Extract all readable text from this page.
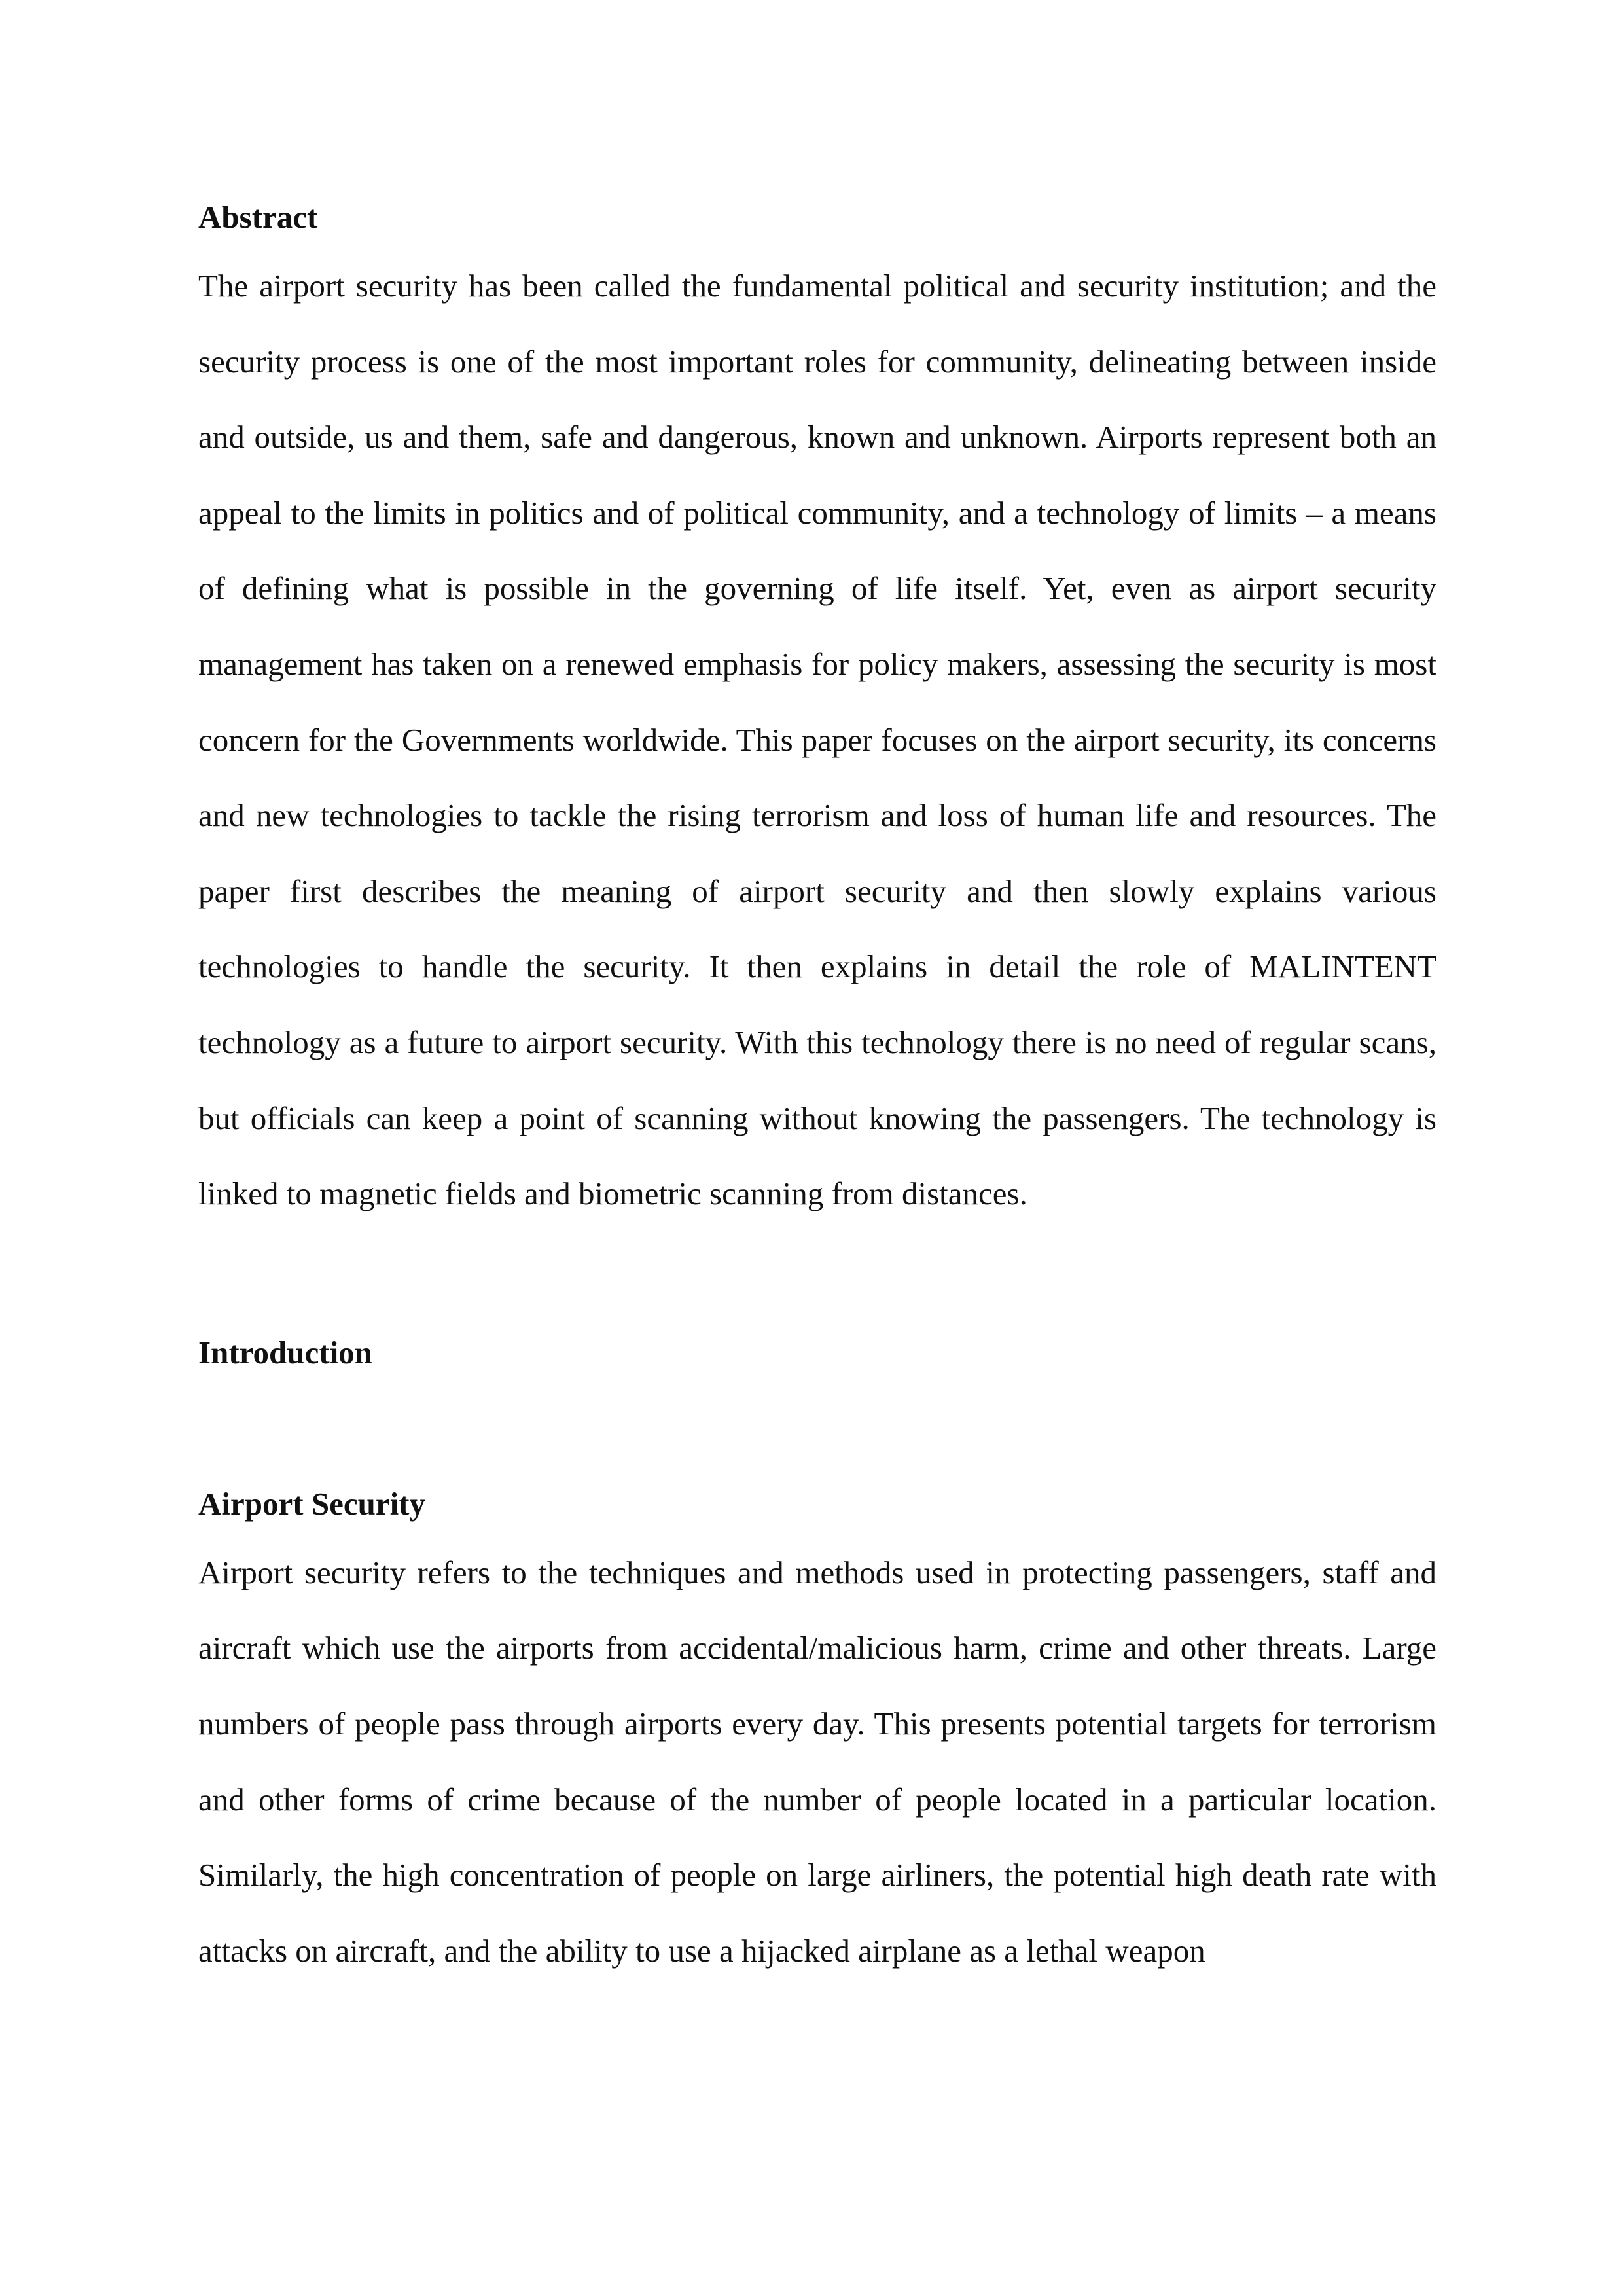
Abstract

The airport security has been called the fundamental political and security institution; and the security process is one of the most important roles for community, delineating between inside and outside, us and them, safe and dangerous, known and unknown. Airports represent both an appeal to the limits in politics and of political community, and a technology of limits – a means of defining what is possible in the governing of life itself. Yet, even as airport security management has taken on a renewed emphasis for policy makers, assessing the security is most concern for the Governments worldwide. This paper focuses on the airport security, its concerns and new technologies to tackle the rising terrorism and loss of human life and resources. The paper first describes the meaning of airport security and then slowly explains various technologies to handle the security. It then explains in detail the role of MALINTENT technology as a future to airport security. With this technology there is no need of regular scans, but officials can keep a point of scanning without knowing the passengers. The technology is linked to magnetic fields and biometric scanning from distances.

Introduction

Airport Security

Airport security refers to the techniques and methods used in protecting passengers, staff and aircraft which use the airports from accidental/malicious harm, crime and other threats. Large numbers of people pass through airports every day. This presents potential targets for terrorism and other forms of crime because of the number of people located in a particular location. Similarly, the high concentration of people on large airliners, the potential high death rate with attacks on aircraft, and the ability to use a hijacked airplane as a lethal weapon
